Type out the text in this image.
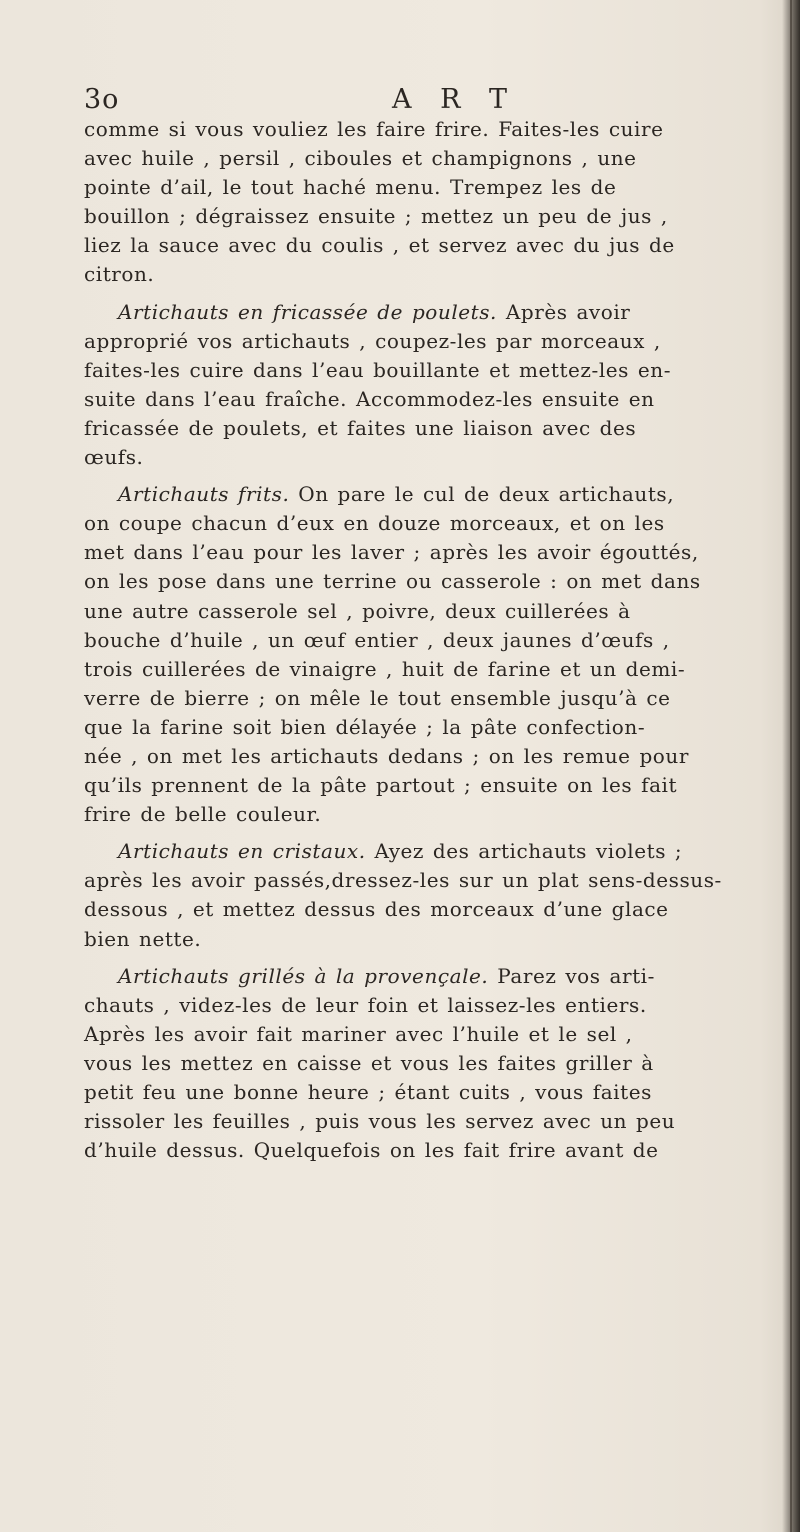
3o	A R T
comme si vous vouliez les faire frire. Faites-les cuire
avec huile , persil , ciboules et champignons , une
pointe d’ail, le tout haché menu. Trempez les de
bouillon ; dégraissez ensuite ; mettez un peu de jus ,
liez la sauce avec du coulis , et servez avec du jus de
citron.
Artichauts en fricassée de poulets. Après avoir
approprié vos artichauts , coupez-les par morceaux ,
faites-les cuire dans l’eau bouillante et mettez-les en-
suite dans l’eau fraîche. Accommodez-les ensuite en
fricassée de poulets, et faites une liaison avec des
œufs.
Artichauts frits. On pare le cul de deux artichauts,
on coupe chacun d’eux en douze morceaux, et on les
met dans l’eau pour les laver ; après les avoir égouttés,
on les pose dans une terrine ou casserole : on met dans
une autre casserole sel , poivre, deux cuillerées à
bouche d’huile , un œuf entier , deux jaunes d’œufs ,
trois cuillerées de vinaigre , huit de farine et un demi-
verre de bierre ; on mêle le tout ensemble jusqu’à ce
que la farine soit bien délayée ; la pâte confection-
née , on met les artichauts dedans ; on les remue pour
qu’ils prennent de la pâte partout ; ensuite on les fait
frire de belle couleur.
Artichauts en cristaux. Ayez des artichauts violets ;
après les avoir passés,dressez-les sur un plat sens-dessus-
dessous , et mettez dessus des morceaux d’une glace
bien nette.
Artichauts grillés à la provençale. Parez vos arti-
chauts , videz-les de leur foin et laissez-les entiers.
Après les avoir fait mariner avec l’huile et le sel ,
vous les mettez en caisse et vous les faites griller à
petit feu une bonne heure ; étant cuits , vous faites
rissoler les feuilles , puis vous les servez avec un peu
d’huile dessus. Quelquefois on les fait frire avant de
